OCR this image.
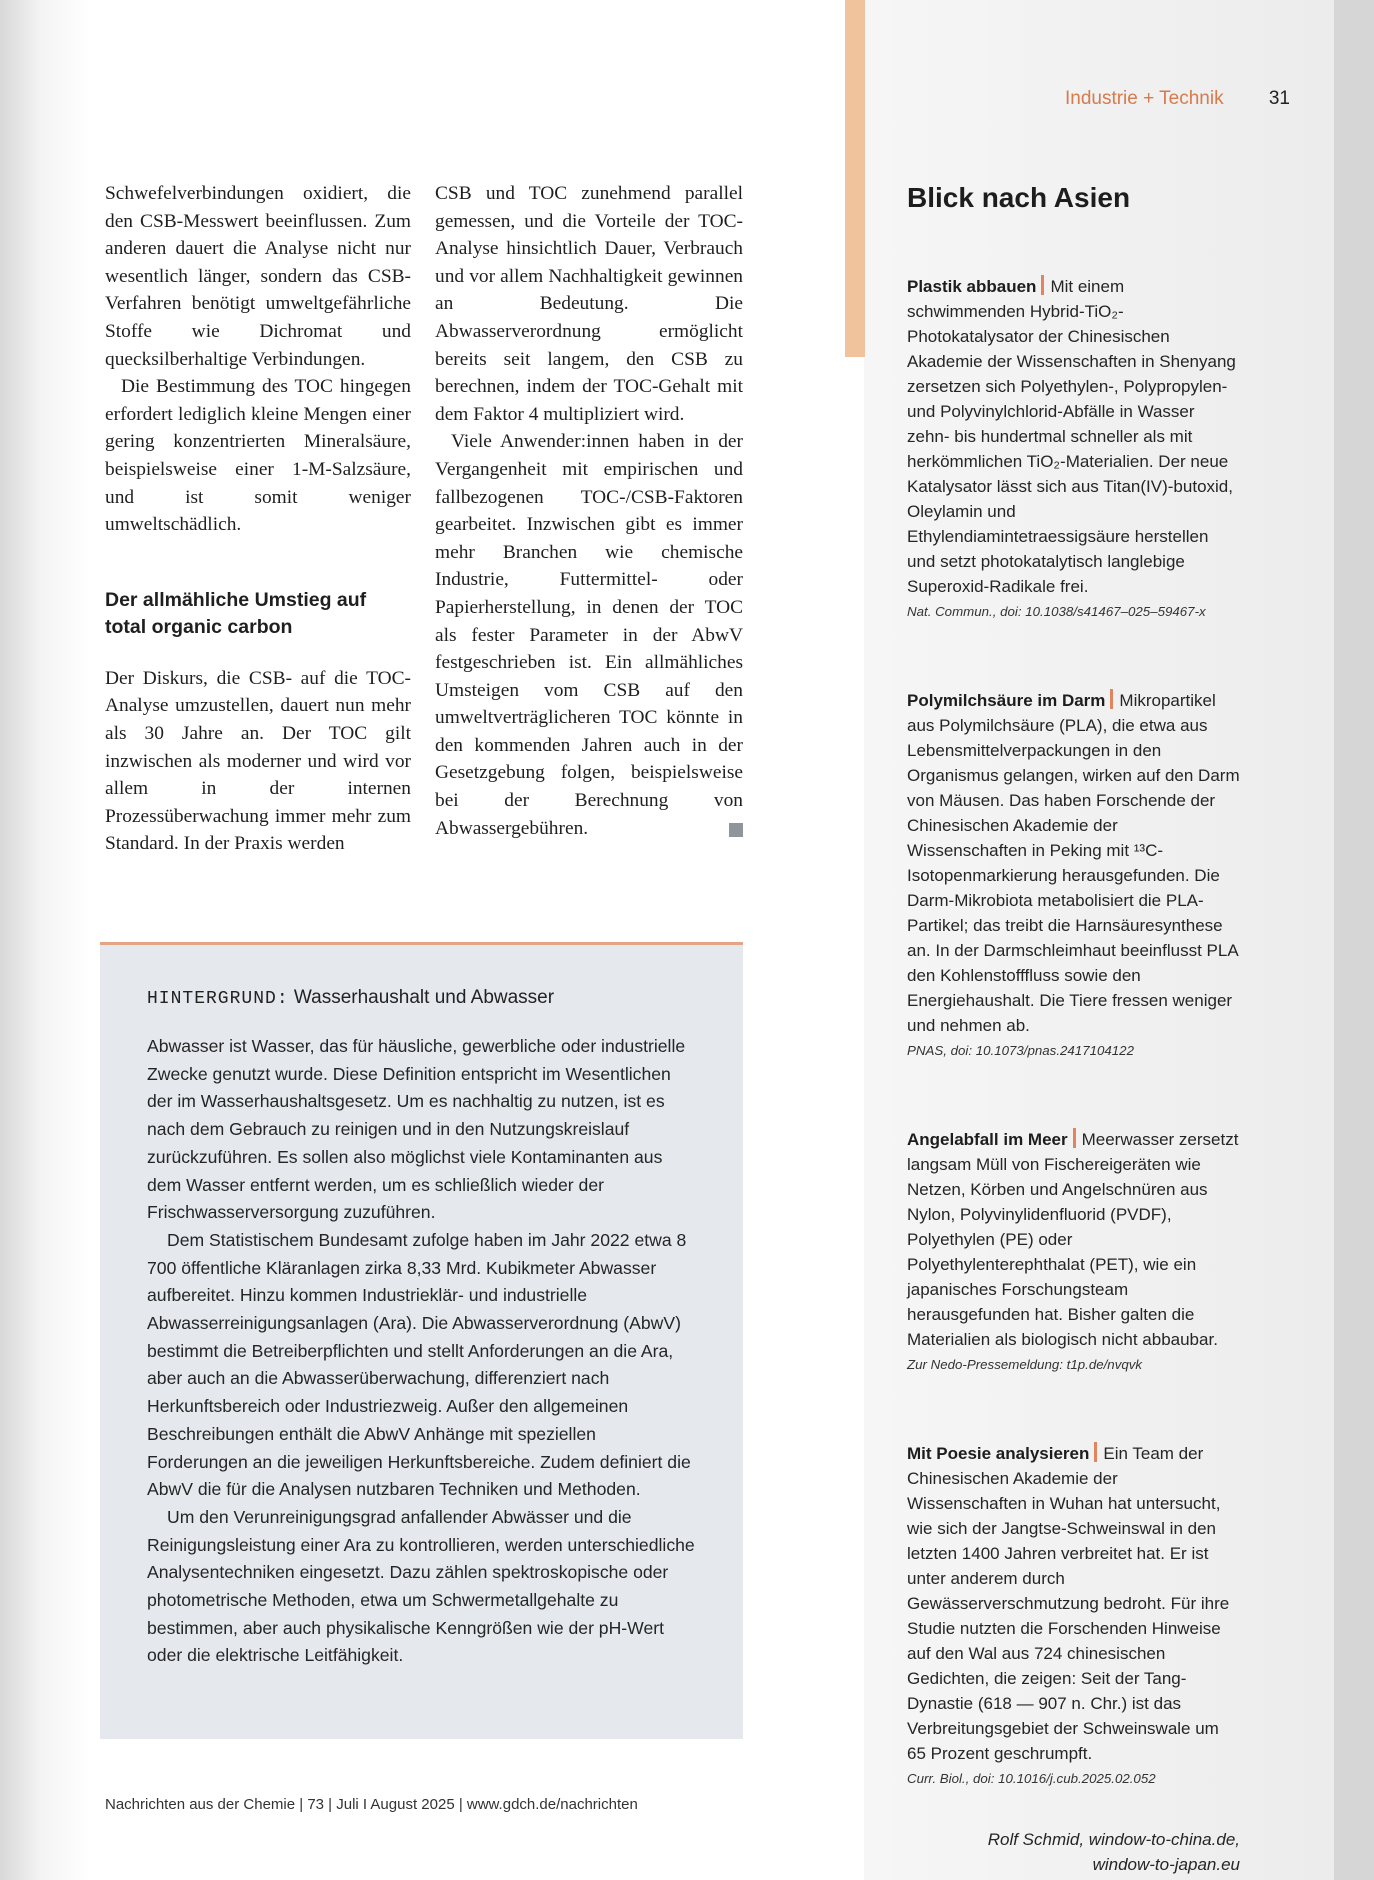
Industrie + Technik 31

Schwefelverbindungen oxidiert, die den CSB-Messwert beeinflussen. Zum anderen dauert die Analyse nicht nur wesentlich länger, sondern das CSB-Verfahren benötigt umweltgefährliche Stoffe wie Dichromat und quecksilberhaltige Verbindungen.

Die Bestimmung des TOC hingegen erfordert lediglich kleine Mengen einer gering konzentrierten Mineralsäure, beispielsweise einer 1-M-Salzsäure, und ist somit weniger umweltschädlich.

Der allmähliche Umstieg auf total organic carbon

Der Diskurs, die CSB- auf die TOC-Analyse umzustellen, dauert nun mehr als 30 Jahre an. Der TOC gilt inzwischen als moderner und wird vor allem in der internen Prozessüberwachung immer mehr zum Standard. In der Praxis werden

CSB und TOC zunehmend parallel gemessen, und die Vorteile der TOC-Analyse hinsichtlich Dauer, Verbrauch und vor allem Nachhaltigkeit gewinnen an Bedeutung. Die Abwasserverordnung ermöglicht bereits seit langem, den CSB zu berechnen, indem der TOC-Gehalt mit dem Faktor 4 multipliziert wird.

Viele Anwender:innen haben in der Vergangenheit mit empirischen und fallbezogenen TOC-/CSB-Faktoren gearbeitet. Inzwischen gibt es immer mehr Branchen wie chemische Industrie, Futtermittel- oder Papierherstellung, in denen der TOC als fester Parameter in der AbwV festgeschrieben ist. Ein allmähliches Umsteigen vom CSB auf den umweltverträglicheren TOC könnte in den kommenden Jahren auch in der Gesetzgebung folgen, beispielsweise bei der Berechnung von Abwassergebühren.

HINTERGRUND: Wasserhaushalt und Abwasser

Abwasser ist Wasser, das für häusliche, gewerbliche oder industrielle Zwecke genutzt wurde. Diese Definition entspricht im Wesentlichen der im Wasserhaushaltsgesetz. Um es nachhaltig zu nutzen, ist es nach dem Gebrauch zu reinigen und in den Nutzungskreislauf zurückzuführen. Es sollen also möglichst viele Kontaminanten aus dem Wasser entfernt werden, um es schließlich wieder der Frischwasserversorgung zuzuführen.

Dem Statistischem Bundesamt zufolge haben im Jahr 2022 etwa 8 700 öffentliche Kläranlagen zirka 8,33 Mrd. Kubikmeter Abwasser aufbereitet. Hinzu kommen Industrieklär- und industrielle Abwasserreinigungsanlagen (Ara). Die Abwasserverordnung (AbwV) bestimmt die Betreiberpflichten und stellt Anforderungen an die Ara, aber auch an die Abwasserüberwachung, differenziert nach Herkunftsbereich oder Industriezweig. Außer den allgemeinen Beschreibungen enthält die AbwV Anhänge mit speziellen Forderungen an die jeweiligen Herkunftsbereiche. Zudem definiert die AbwV die für die Analysen nutzbaren Techniken und Methoden.

Um den Verunreinigungsgrad anfallender Abwässer und die Reinigungsleistung einer Ara zu kontrollieren, werden unterschiedliche Analysentechniken eingesetzt. Dazu zählen spektroskopische oder photometrische Methoden, etwa um Schwermetallgehalte zu bestimmen, aber auch physikalische Kenngrößen wie der pH-Wert oder die elektrische Leitfähigkeit.

Blick nach Asien

Plastik abbauen Mit einem schwimmenden Hybrid-TiO₂-Photokatalysator der Chinesischen Akademie der Wissenschaften in Shenyang zersetzen sich Polyethylen-, Polypropylen- und Polyvinylchlorid-Abfälle in Wasser zehn- bis hundertmal schneller als mit herkömmlichen TiO₂-Materialien. Der neue Katalysator lässt sich aus Titan(IV)-butoxid, Oleylamin und Ethylendiamintetraessigsäure herstellen und setzt photokatalytisch langlebige Superoxid-Radikale frei.

Nat. Commun., doi: 10.1038/s41467–025–59467-x

Polymilchsäure im Darm Mikropartikel aus Polymilchsäure (PLA), die etwa aus Lebensmittelverpackungen in den Organismus gelangen, wirken auf den Darm von Mäusen. Das haben Forschende der Chinesischen Akademie der Wissenschaften in Peking mit ¹³C-Isotopenmarkierung herausgefunden. Die Darm-Mikrobiota metabolisiert die PLA-Partikel; das treibt die Harnsäuresynthese an. In der Darmschleimhaut beeinflusst PLA den Kohlenstofffluss sowie den Energiehaushalt. Die Tiere fressen weniger und nehmen ab.

PNAS, doi: 10.1073/pnas.2417104122

Angelabfall im Meer Meerwasser zersetzt langsam Müll von Fischereigeräten wie Netzen, Körben und Angelschnüren aus Nylon, Polyvinylidenfluorid (PVDF), Polyethylen (PE) oder Polyethylenterephthalat (PET), wie ein japanisches Forschungsteam herausgefunden hat. Bisher galten die Materialien als biologisch nicht abbaubar.

Zur Nedo-Pressemeldung: t1p.de/nvqvk

Mit Poesie analysieren Ein Team der Chinesischen Akademie der Wissenschaften in Wuhan hat untersucht, wie sich der Jangtse-Schweinswal in den letzten 1400 Jahren verbreitet hat. Er ist unter anderem durch Gewässerverschmutzung bedroht. Für ihre Studie nutzten die Forschenden Hinweise auf den Wal aus 724 chinesischen Gedichten, die zeigen: Seit der Tang-Dynastie (618 — 907 n. Chr.) ist das Verbreitungsgebiet der Schweinswale um 65 Prozent geschrumpft.

Curr. Biol., doi: 10.1016/j.cub.2025.02.052

Rolf Schmid, window-to-china.de,
window-to-japan.eu
Nachrichten aus der Chemie | 73 | Juli I August 2025 | www.gdch.de/nachrichten
